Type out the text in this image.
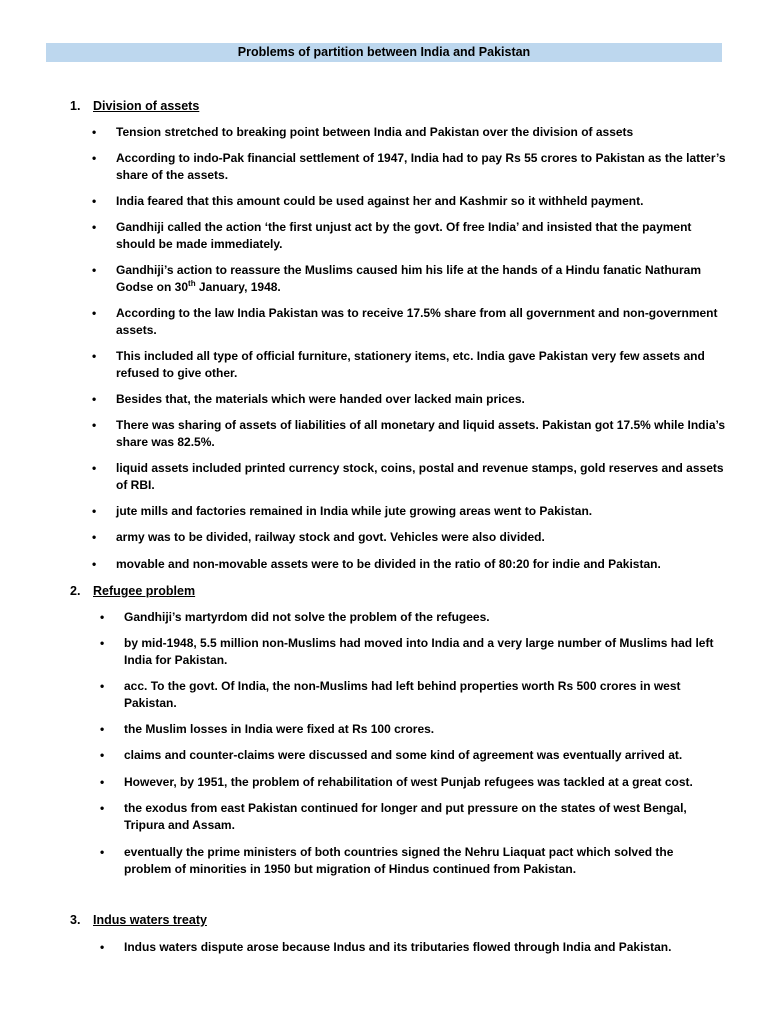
Problems of partition between India and Pakistan
1. Division of assets
• Tension stretched to breaking point between India and Pakistan over the division of assets
• According to indo-Pak financial settlement of 1947, India had to pay Rs 55 crores to Pakistan as the latter’s share of the assets.
• India feared that this amount could be used against her and Kashmir so it withheld payment.
• Gandhiji called the action ‘the first unjust act by the govt. Of free India’ and insisted that the payment should be made immediately.
• Gandhiji’s action to reassure the Muslims caused him his life at the hands of a Hindu fanatic Nathuram Godse on 30th January, 1948.
• According to the law India Pakistan was to receive 17.5% share from all government and non-government assets.
• This included all type of official furniture, stationery items, etc. India gave Pakistan very few assets and refused to give other.
• Besides that, the materials which were handed over lacked main prices.
• There was sharing of assets of liabilities of all monetary and liquid assets. Pakistan got 17.5% while India’s share was 82.5%.
• liquid assets included printed currency stock, coins, postal and revenue stamps, gold reserves and assets of RBI.
• jute mills and factories remained in India while jute growing areas went to Pakistan.
• army was to be divided, railway stock and govt. Vehicles were also divided.
• movable and non-movable assets were to be divided in the ratio of 80:20 for indie and Pakistan.
2. Refugee problem
• Gandhiji’s martyrdom did not solve the problem of the refugees.
• by mid-1948, 5.5 million non-Muslims had moved into India and a very large number of Muslims had left India for Pakistan.
• acc. To the govt. Of India, the non-Muslims had left behind properties worth Rs 500 crores in west Pakistan.
• the Muslim losses in India were fixed at Rs 100 crores.
• claims and counter-claims were discussed and some kind of agreement was eventually arrived at.
• However, by 1951, the problem of rehabilitation of west Punjab refugees was tackled at a great cost.
• the exodus from east Pakistan continued for longer and put pressure on the states of west Bengal, Tripura and Assam.
• eventually the prime ministers of both countries signed the Nehru Liaquat pact which solved the problem of minorities in 1950 but migration of Hindus continued from Pakistan.
3. Indus waters treaty
• Indus waters dispute arose because Indus and its tributaries flowed through India and Pakistan.
